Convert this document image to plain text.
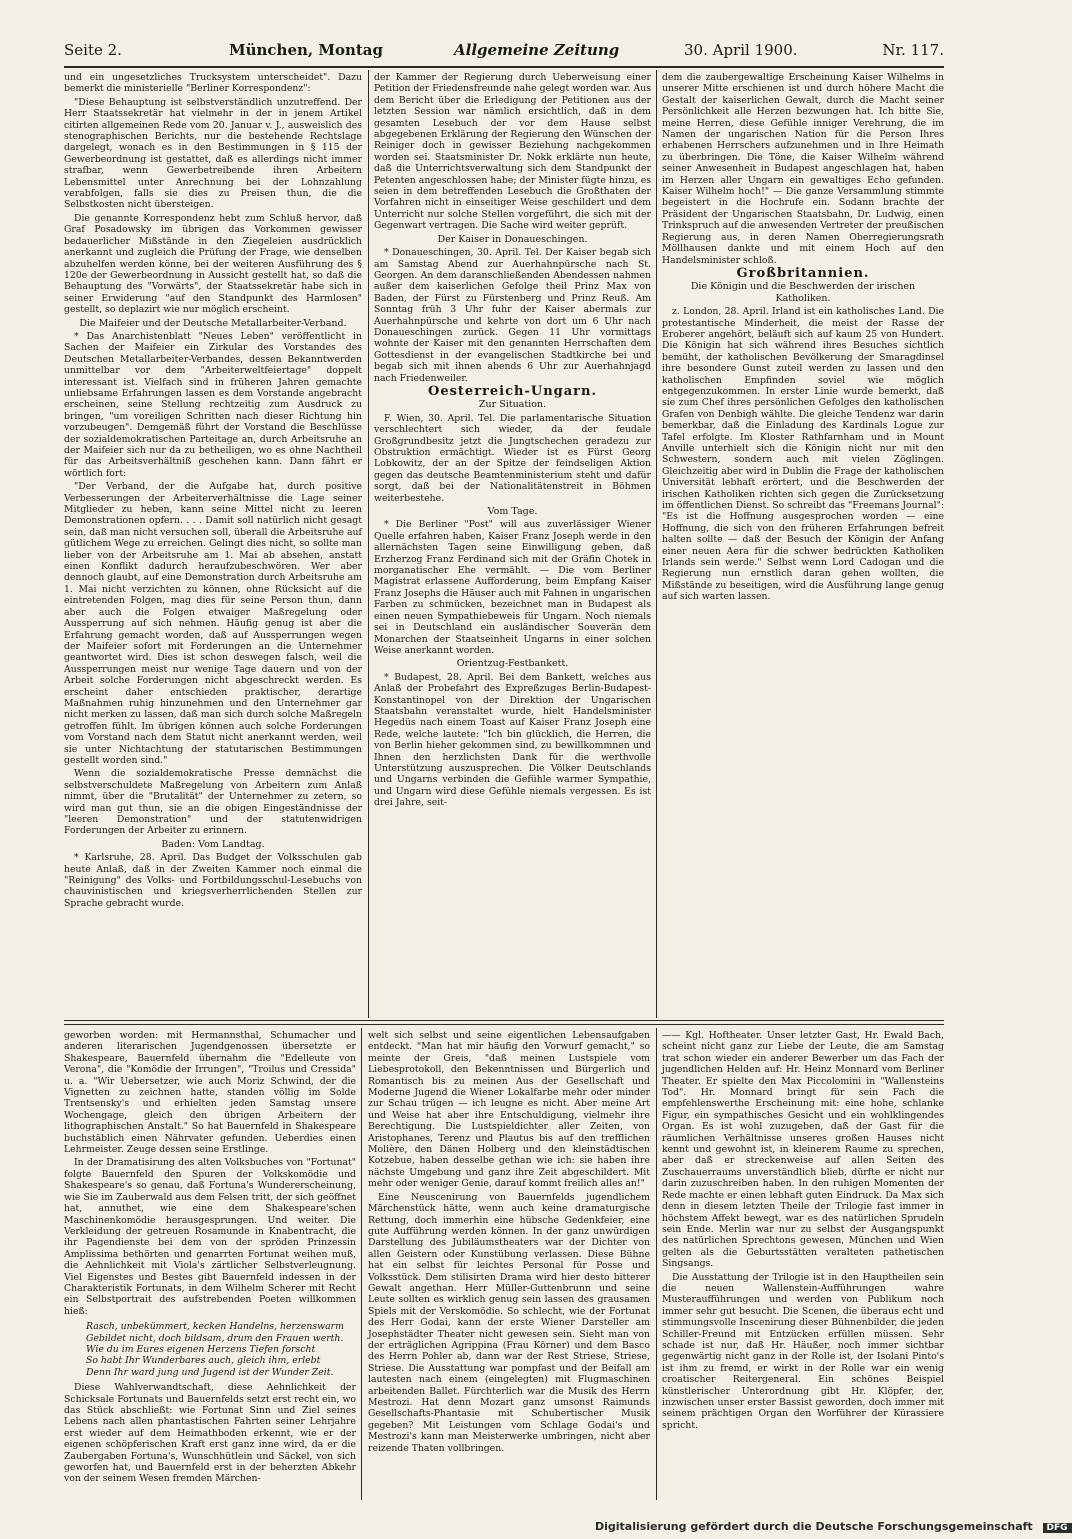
Seite 2.	München, Montag	Allgemeine Zeitung	30. April 1900.	Nr. 117.

und ein ungesetzliches Trucksystem unterscheidet". Dazu bemerkt die ministerielle "Berliner Korrespondenz":

"Diese Behauptung ist selbstverständlich unzutreffend. Der Herr Staatssekretär hat vielmehr in der in jenem Artikel citirten allgemeinen Rede vom 20. Januar v. J., ausweislich des stenographischen Berichts, nur die bestehende Rechtslage dargelegt, wonach es in den Bestimmungen in § 115 der Gewerbeordnung ist gestattet, daß es allerdings nicht immer strafbar, wenn Gewerbetreibende ihren Arbeitern Lebensmittel unter Anrechnung bei der Lohnzahlung verabfolgen, falls sie dies zu Preisen thun, die die Selbstkosten nicht übersteigen.

Die genannte Korrespondenz hebt zum Schluß hervor, daß Graf Posadowsky im übrigen das Vorkommen gewisser bedauerlicher Mißstände in den Ziegeleien ausdrücklich anerkannt und zugleich die Prüfung der Frage, wie denselben abzuhelfen werden könne, bei der weiteren Ausführung des § 120e der Gewerbeordnung in Aussicht gestellt hat, so daß die Behauptung des "Vorwärts", der Staatssekretär habe sich in seiner Erwiderung "auf den Standpunkt des Harmlosen" gestellt, so deplazirt wie nur möglich erscheint.

Die Maifeier und der Deutsche Metallarbeiter-Verband.

* Das Anarchistenblatt "Neues Leben" veröffentlicht in Sachen der Maifeier ein Zirkular des Vorstandes des Deutschen Metallarbeiter-Verbandes, dessen Bekanntwerden unmittelbar vor dem "Arbeiterweltfeiertage" doppelt interessant ist. Vielfach sind in früheren Jahren gemachte unliebsame Erfahrungen lassen es dem Vorstande angebracht erscheinen, seine Stellung rechtzeitig zum Ausdruck zu bringen, "um voreiligen Schritten nach dieser Richtung hin vorzubeugen". Demgemäß führt der Vorstand die Beschlüsse der sozialdemokratischen Parteitage an, durch Arbeitsruhe an der Maifeier sich nur da zu betheiligen, wo es ohne Nachtheil für das Arbeitsverhältniß geschehen kann. Dann fährt er wörtlich fort:

"Der Verband, der die Aufgabe hat, durch positive Verbesserungen der Arbeiterverhältnisse die Lage seiner Mitglieder zu heben, kann seine Mittel nicht zu leeren Demonstrationen opfern. . . . Damit soll natürlich nicht gesagt sein, daß man nicht versuchen soll, überall die Arbeitsruhe auf gütlichem Wege zu erreichen. Gelingt dies nicht, so sollte man lieber von der Arbeitsruhe am 1. Mai ab absehen, anstatt einen Konflikt dadurch heraufzubeschwören. Wer aber dennoch glaubt, auf eine Demonstration durch Arbeitsruhe am 1. Mai nicht verzichten zu können, ohne Rücksicht auf die eintretenden Folgen, mag dies für seine Person thun, dann aber auch die Folgen etwaiger Maßregelung oder Aussperrung auf sich nehmen. Häufig genug ist aber die Erfahrung gemacht worden, daß auf Aussperrungen wegen der Maifeier sofort mit Forderungen an die Unternehmer geantwortet wird. Dies ist schon deswegen falsch, weil die Aussperrungen meist nur wenige Tage dauern und von der Arbeit solche Forderungen nicht abgeschreckt werden. Es erscheint daher entschieden praktischer, derartige Maßnahmen ruhig hinzunehmen und den Unternehmer gar nicht merken zu lassen, daß man sich durch solche Maßregeln getroffen fühlt. Im übrigen können auch solche Forderungen vom Vorstand nach dem Statut nicht anerkannt werden, weil sie unter Nichtachtung der statutarischen Bestimmungen gestellt worden sind."

Wenn die sozialdemokratische Presse demnächst die selbstverschuldete Maßregelung von Arbeitern zum Anlaß nimmt, über die "Brutalität" der Unternehmer zu zetern, so wird man gut thun, sie an die obigen Eingeständnisse der "leeren Demonstration" und der statutenwidrigen Forderungen der Arbeiter zu erinnern.

Baden: Vom Landtag.

* Karlsruhe, 28. April. Das Budget der Volksschulen gab heute Anlaß, daß in der Zweiten Kammer noch einmal die "Reinigung" des Volks- und Fortbildungsschul-Lesebuchs von chauvinistischen und kriegsverherrlichenden Stellen zur Sprache gebracht wurde.

der Kammer der Regierung durch Ueberweisung einer Petition der Friedensfreunde nahe gelegt worden war. Aus dem Bericht über die Erledigung der Petitionen aus der letzten Session war nämlich ersichtlich, daß in dem gesamten Lesebuch der vor dem Hause selbst abgegebenen Erklärung der Regierung den Wünschen der Reiniger doch in gewisser Beziehung nachgekommen worden sei. Staatsminister Dr. Nokk erklärte nun heute, daß die Unterrichtsverwaltung sich dem Standpunkt der Petenten angeschlossen habe; der Minister fügte hinzu, es seien in dem betreffenden Lesebuch die Großthaten der Vorfahren nicht in einseitiger Weise geschildert und dem Unterricht nur solche Stellen vorgeführt, die sich mit der Gegenwart vertragen. Die Sache wird weiter geprüft.

Der Kaiser in Donaueschingen.

* Donaueschingen, 30. April. Tel. Der Kaiser begab sich am Samstag Abend zur Auerhahnpürsche nach St. Georgen. An dem daranschließenden Abendessen nahmen außer dem kaiserlichen Gefolge theil Prinz Max von Baden, der Fürst zu Fürstenberg und Prinz Reuß. Am Sonntag früh 3 Uhr fuhr der Kaiser abermals zur Auerhahnpürsche und kehrte von dort um 6 Uhr nach Donaueschingen zurück. Gegen 11 Uhr vormittags wohnte der Kaiser mit den genannten Herrschaften dem Gottesdienst in der evangelischen Stadtkirche bei und begab sich mit ihnen abends 6 Uhr zur Auerhahnjagd nach Friedenweiler.

Oesterreich-Ungarn.

Zur Situation.

F. Wien, 30. April. Tel. Die parlamentarische Situation verschlechtert sich wieder, da der feudale Großgrundbesitz jetzt die Jungtschechen geradezu zur Obstruktion ermächtigt. Wieder ist es Fürst Georg Lobkowitz, der an der Spitze der feindseligen Aktion gegen das deutsche Beamtenministerium steht und dafür sorgt, daß bei der Nationalitätenstreit in Böhmen weiterbestehe.

Vom Tage.

* Die Berliner "Post" will aus zuverlässiger Wiener Quelle erfahren haben, Kaiser Franz Joseph werde in den allernächsten Tagen seine Einwilligung geben, daß Erzherzog Franz Ferdinand sich mit der Gräfin Chotek in morganatischer Ehe vermählt. — Die vom Berliner Magistrat erlassene Aufforderung, beim Empfang Kaiser Franz Josephs die Häuser auch mit Fahnen in ungarischen Farben zu schmücken, bezeichnet man in Budapest als einen neuen Sympathiebeweis für Ungarn. Noch niemals sei in Deutschland ein ausländischer Souverän dem Monarchen der Staatseinheit Ungarns in einer solchen Weise anerkannt worden.

Orientzug-Festbankett.

* Budapest, 28. April. Bei dem Bankett, welches aus Anlaß der Probefahrt des Expreßzuges Berlin-Budapest-Konstantinopel von der Direktion der Ungarischen Staatsbahn veranstaltet wurde, hielt Handelsminister Hegedüs nach einem Toast auf Kaiser Franz Joseph eine Rede, welche lautete: "Ich bin glücklich, die Herren, die von Berlin hieher gekommen sind, zu bewillkommnen und Ihnen den herzlichsten Dank für die werthvolle Unterstützung auszusprechen. Die Völker Deutschlands und Ungarns verbinden die Gefühle warmer Sympathie, und Ungarn wird diese Gefühle niemals vergessen. Es ist drei Jahre, seit-

dem die zaubergewaltige Erscheinung Kaiser Wilhelms in unserer Mitte erschienen ist und durch höhere Macht die Gestalt der kaiserlichen Gewalt, durch die Macht seiner Persönlichkeit alle Herzen bezwungen hat. Ich bitte Sie, meine Herren, diese Gefühle inniger Verehrung, die im Namen der ungarischen Nation für die Person Ihres erhabenen Herrschers aufzunehmen und in Ihre Heimath zu überbringen. Die Töne, die Kaiser Wilhelm während seiner Anwesenheit in Budapest angeschlagen hat, haben im Herzen aller Ungarn ein gewaltiges Echo gefunden. Kaiser Wilhelm hoch!" — Die ganze Versammlung stimmte begeistert in die Hochrufe ein. Sodann brachte der Präsident der Ungarischen Staatsbahn, Dr. Ludwig, einen Trinkspruch auf die anwesenden Vertreter der preußischen Regierung aus, in deren Namen Oberregierungsrath Möllhausen dankte und mit einem Hoch auf den Handelsminister schloß.

Großbritannien.

Die Königin und die Beschwerden der irischen Katholiken.

z. London, 28. April. Irland ist ein katholisches Land. Die protestantische Minderheit, die meist der Rasse der Eroberer angehört, beläuft sich auf kaum 25 von Hundert. Die Königin hat sich während ihres Besuches sichtlich bemüht, der katholischen Bevölkerung der Smaragdinsel ihre besondere Gunst zuteil werden zu lassen und den katholischen Empfinden soviel wie möglich entgegenzukommen. In erster Linie wurde bemerkt, daß sie zum Chef ihres persönlichen Gefolges den katholischen Grafen von Denbigh wählte. Die gleiche Tendenz war darin bemerkbar, daß die Einladung des Kardinals Logue zur Tafel erfolgte. Im Kloster Rathfarnham und in Mount Anville unterhielt sich die Königin nicht nur mit den Schwestern, sondern auch mit vielen Zöglingen. Gleichzeitig aber wird in Dublin die Frage der katholischen Universität lebhaft erörtert, und die Beschwerden der irischen Katholiken richten sich gegen die Zurücksetzung im öffentlichen Dienst. So schreibt das "Freemans Journal": "Es ist die Hoffnung ausgesprochen worden — eine Hoffnung, die sich von den früheren Erfahrungen befreit halten sollte — daß der Besuch der Königin der Anfang einer neuen Aera für die schwer bedrückten Katholiken Irlands sein werde." Selbst wenn Lord Cadogan und die Regierung nun ernstlich daran gehen wollten, die Mißstände zu beseitigen, wird die Ausführung lange genug auf sich warten lassen.

geworben worden: mit Hermannsthal, Schumacher und anderen literarischen Jugendgenossen übersetzte er Shakespeare, Bauernfeld übernahm die "Edelleute von Verona", die "Komödie der Irrungen", "Troilus und Cressida" u. a. "Wir Uebersetzer, wie auch Moriz Schwind, der die Vignetten zu zeichnen hatte, standen völlig im Solde Trentsensky's und erhielten jeden Samstag unsere Wochengage, gleich den übrigen Arbeitern der lithographischen Anstalt." So hat Bauernfeld in Shakespeare buchstäblich einen Nährvater gefunden. Ueberdies einen Lehrmeister. Zeuge dessen seine Erstlinge.

In der Dramatisirung des alten Volksbuches von "Fortunat" folgte Bauernfeld den Spuren der Volkskomödie und Shakespeare's so genau, daß Fortuna's Wundererscheinung, wie Sie im Zauberwald aus dem Felsen tritt, der sich geöffnet hat, annuthet, wie eine dem Shakespeare'schen Maschinenkomödie herausgesprungen. Und weiter. Die Verkleidung der getreuen Rosamunde in Knabentracht, die ihr Pagendienste bei dem von der spröden Prinzessin Amplissima bethörten und genarrten Fortunat weihen muß, die Aehnlichkeit mit Viola's zärtlicher Selbstverleugnung. Viel Eigenstes und Bestes gibt Bauernfeld indessen in der Charakteristik Fortunats, in dem Wilhelm Scherer mit Recht ein Selbstportrait des aufstrebenden Poeten willkommen hieß:

Rasch, unbekümmert, kecken Handelns, herzenswarm
Gebildet nicht, doch bildsam, drum den Frauen werth.
Wie du im Eures eigenen Herzens Tiefen forscht
So habt Ihr Wunderbares auch, gleich ihm, erlebt
Denn Ihr ward jung und Jugend ist der Wunder Zeit.

Diese Wahlverwandtschaft, diese Aehnlichkeit der Schicksale Fortunats und Bauernfelds setzt erst recht ein, wo das Stück abschließt: wie Fortunat Sinn und Ziel seines Lebens nach allen phantastischen Fahrten seiner Lehrjahre erst wieder auf dem Heimathboden erkennt, wie er der eigenen schöpferischen Kraft erst ganz inne wird, da er die Zaubergaben Fortuna's, Wunschhütlein und Säckel, von sich geworfen hat, und Bauernfeld erst in der beherzten Abkehr von der seinem Wesen fremden Märchen-

welt sich selbst und seine eigentlichen Lebensaufgaben entdeckt. "Man hat mir häufig den Vorwurf gemacht," so meinte der Greis, "daß meinen Lustspiele vom Liebesprotokoll, den Bekenntnissen und Bürgerlich und Romantisch bis zu meinen Aus der Gesellschaft und Moderne Jugend die Wiener Lokalfarbe mehr oder minder zur Schau trügen — ich leugne es nicht. Aber meine Art und Weise hat aber ihre Entschuldigung, vielmehr ihre Berechtigung. Die Lustspieldichter aller Zeiten, von Aristophanes, Terenz und Plautus bis auf den trefflichen Molière, den Dänen Holberg und den kleinstädtischen Kotzebue, haben desselbe gethan wie ich: sie haben ihre nächste Umgebung und ganz ihre Zeit abgeschildert. Mit mehr oder weniger Genie, darauf kommt freilich alles an!"

Eine Neuscenirung von Bauernfelds jugendlichem Märchenstück hätte, wenn auch keine dramaturgische Rettung, doch immerhin eine hübsche Gedenkfeier, eine gute Aufführung werden können. In der ganz unwürdigen Darstellung des Jubiläumstheaters war der Dichter von allen Geistern oder Kunstübung verlassen. Diese Bühne hat ein selbst für leichtes Personal für Posse und Volksstück. Dem stilisirten Drama wird hier desto bitterer Gewalt angethan. Herr Müller-Guttenbrunn und seine Leute sollten es wirklich genug sein lassen des grausamen Spiels mit der Verskomödie. So schlecht, wie der Fortunat des Herr Godai, kann der erste Wiener Darsteller am Josephstädter Theater nicht gewesen sein. Sieht man von der erträglichen Agrippina (Frau Körner) und dem Basco des Herrn Pohler ab, dann war der Rest Striese, Striese, Striese. Die Ausstattung war pompfast und der Beifall am lautesten nach einem (eingelegten) mit Flugmaschinen arbeitenden Ballet. Fürchterlich war die Musik des Herrn Mestrozi. Hat denn Mozart ganz umsonst Raimunds Gesellschafts-Phantasie mit Schubertischer Musik gegeben? Mit Leistungen vom Schlage Godai's und Mestrozi's kann man Meisterwerke umbringen, nicht aber reizende Thaten vollbringen.

—— Kgl. Hoftheater. Unser letzter Gast, Hr. Ewald Bach, scheint nicht ganz zur Liebe der Leute, die am Samstag trat schon wieder ein anderer Bewerber um das Fach der jugendlichen Helden auf: Hr. Heinz Monnard vom Berliner Theater. Er spielte den Max Piccolomini in "Wallensteins Tod". Hr. Monnard bringt für sein Fach die empfehlenswerthe Erscheinung mit: eine hohe, schlanke Figur, ein sympathisches Gesicht und ein wohlklingendes Organ. Es ist wohl zuzugeben, daß der Gast für die räumlichen Verhältnisse unseres großen Hauses nicht kennt und gewohnt ist, in kleinerem Raume zu sprechen, aber daß er streckenweise auf allen Seiten des Zuschauerraums unverständlich blieb, dürfte er nicht nur darin zuzuschreiben haben. In den ruhigen Momenten der Rede machte er einen lebhaft guten Eindruck. Da Max sich denn in diesem letzten Theile der Trilogie fast immer in höchstem Affekt bewegt, war es des natürlichen Sprudeln sein Ende. Merlin war nur zu selbst der Ausgangspunkt des natürlichen Sprechtons gewesen, München und Wien gelten als die Geburtsstätten veralteten pathetischen Singsangs.

Die Ausstattung der Trilogie ist in den Hauptheilen sein die neuen Wallenstein-Aufführungen wahre Musteraufführungen und werden von Publikum noch immer sehr gut besucht. Die Scenen, die überaus echt und stimmungsvolle Inscenirung dieser Bühnenbilder, die jeden Schiller-Freund mit Entzücken erfüllen müssen. Sehr schade ist nur, daß Hr. Häußer, noch immer sichtbar gegenwärtig nicht ganz in der Rolle ist, der Isolani Pinto's ist ihm zu fremd, er wirkt in der Rolle war ein wenig croatischer Reitergeneral. Ein schönes Beispiel künstlerischer Unterordnung gibt Hr. Klöpfer, der, inzwischen unser erster Bassist geworden, doch immer mit seinem prächtigen Organ den Worführer der Kürassiere spricht.

Digitalisierung gefördert durch die Deutsche Forschungsgemeinschaft DFG
